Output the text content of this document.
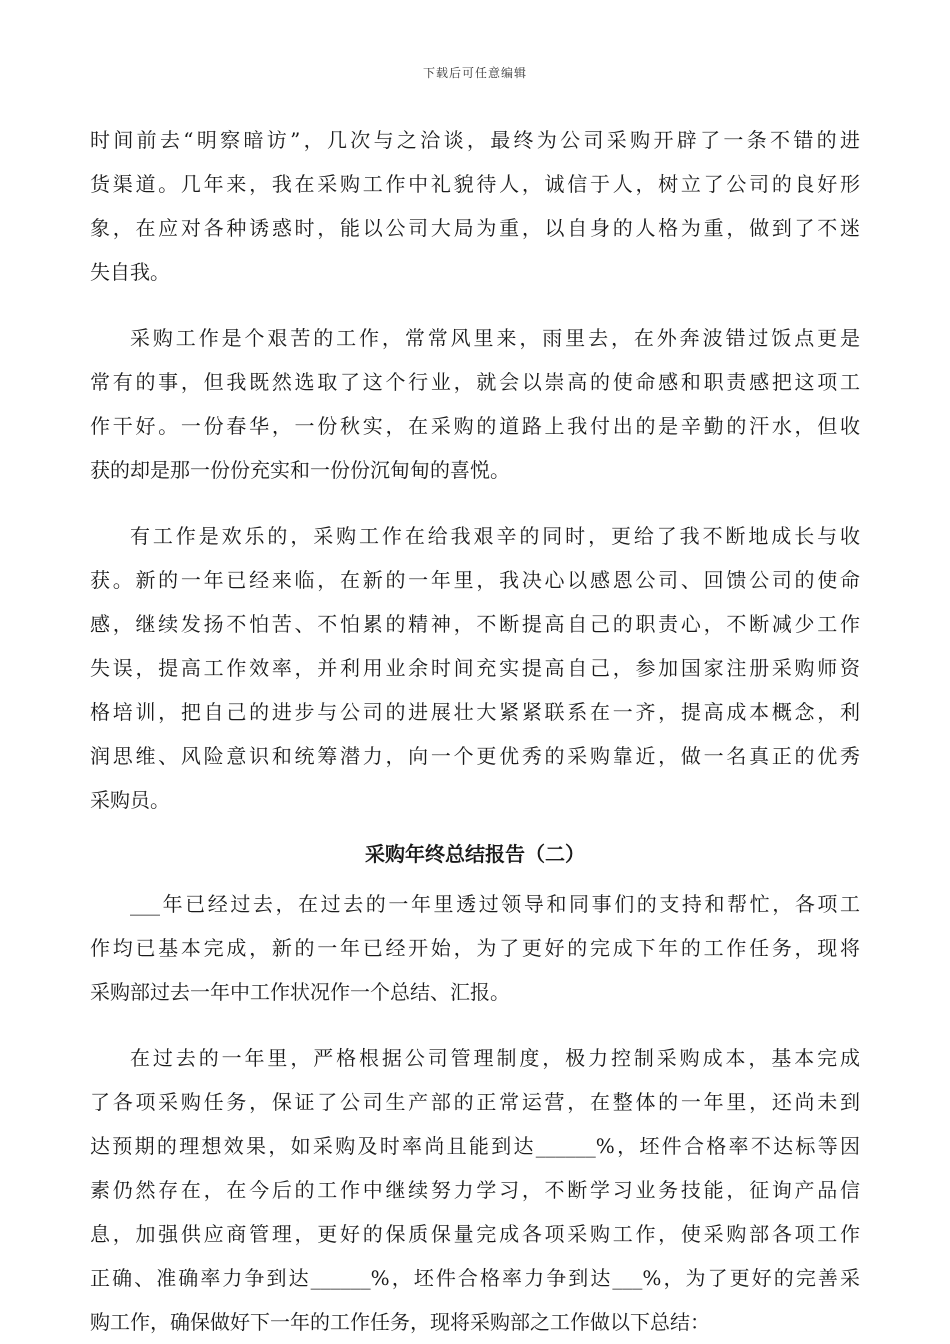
下载后可任意编辑
时间前去“明察暗访”，几次与之洽谈，最终为公司采购开辟了一条不错的进
货渠道。几年来，我在采购工作中礼貌待人，诚信于人，树立了公司的良好形
象，在应对各种诱惑时，能以公司大局为重，以自身的人格为重，做到了不迷
失自我。
采购工作是个艰苦的工作，常常风里来，雨里去，在外奔波错过饭点更是
常有的事，但我既然选取了这个行业，就会以崇高的使命感和职责感把这项工
作干好。一份春华，一份秋实，在采购的道路上我付出的是辛勤的汗水，但收
获的却是那一份份充实和一份份沉甸甸的喜悦。
有工作是欢乐的，采购工作在给我艰辛的同时，更给了我不断地成长与收
获。新的一年已经来临，在新的一年里，我决心以感恩公司、回馈公司的使命
感，继续发扬不怕苦、不怕累的精神，不断提高自己的职责心，不断减少工作
失误，提高工作效率，并利用业余时间充实提高自己，参加国家注册采购师资
格培训，把自己的进步与公司的进展壮大紧紧联系在一齐，提高成本概念，利
润思维、风险意识和统筹潜力，向一个更优秀的采购靠近，做一名真正的优秀
采购员。
采购年终总结报告（二）
___年已经过去，在过去的一年里透过领导和同事们的支持和帮忙，各项工
作均已基本完成，新的一年已经开始，为了更好的完成下年的工作任务，现将
采购部过去一年中工作状况作一个总结、汇报。
在过去的一年里，严格根据公司管理制度，极力控制采购成本，基本完成
了各项采购任务，保证了公司生产部的正常运营，在整体的一年里，还尚未到
达预期的理想效果，如采购及时率尚且能到达______%，坯件合格率不达标等因
素仍然存在，在今后的工作中继续努力学习，不断学习业务技能，征询产品信
息，加强供应商管理，更好的保质保量完成各项采购工作，使采购部各项工作
正确、准确率力争到达______%，坯件合格率力争到达___%，为了更好的完善采
购工作，确保做好下一年的工作任务，现将采购部之工作做以下总结：
